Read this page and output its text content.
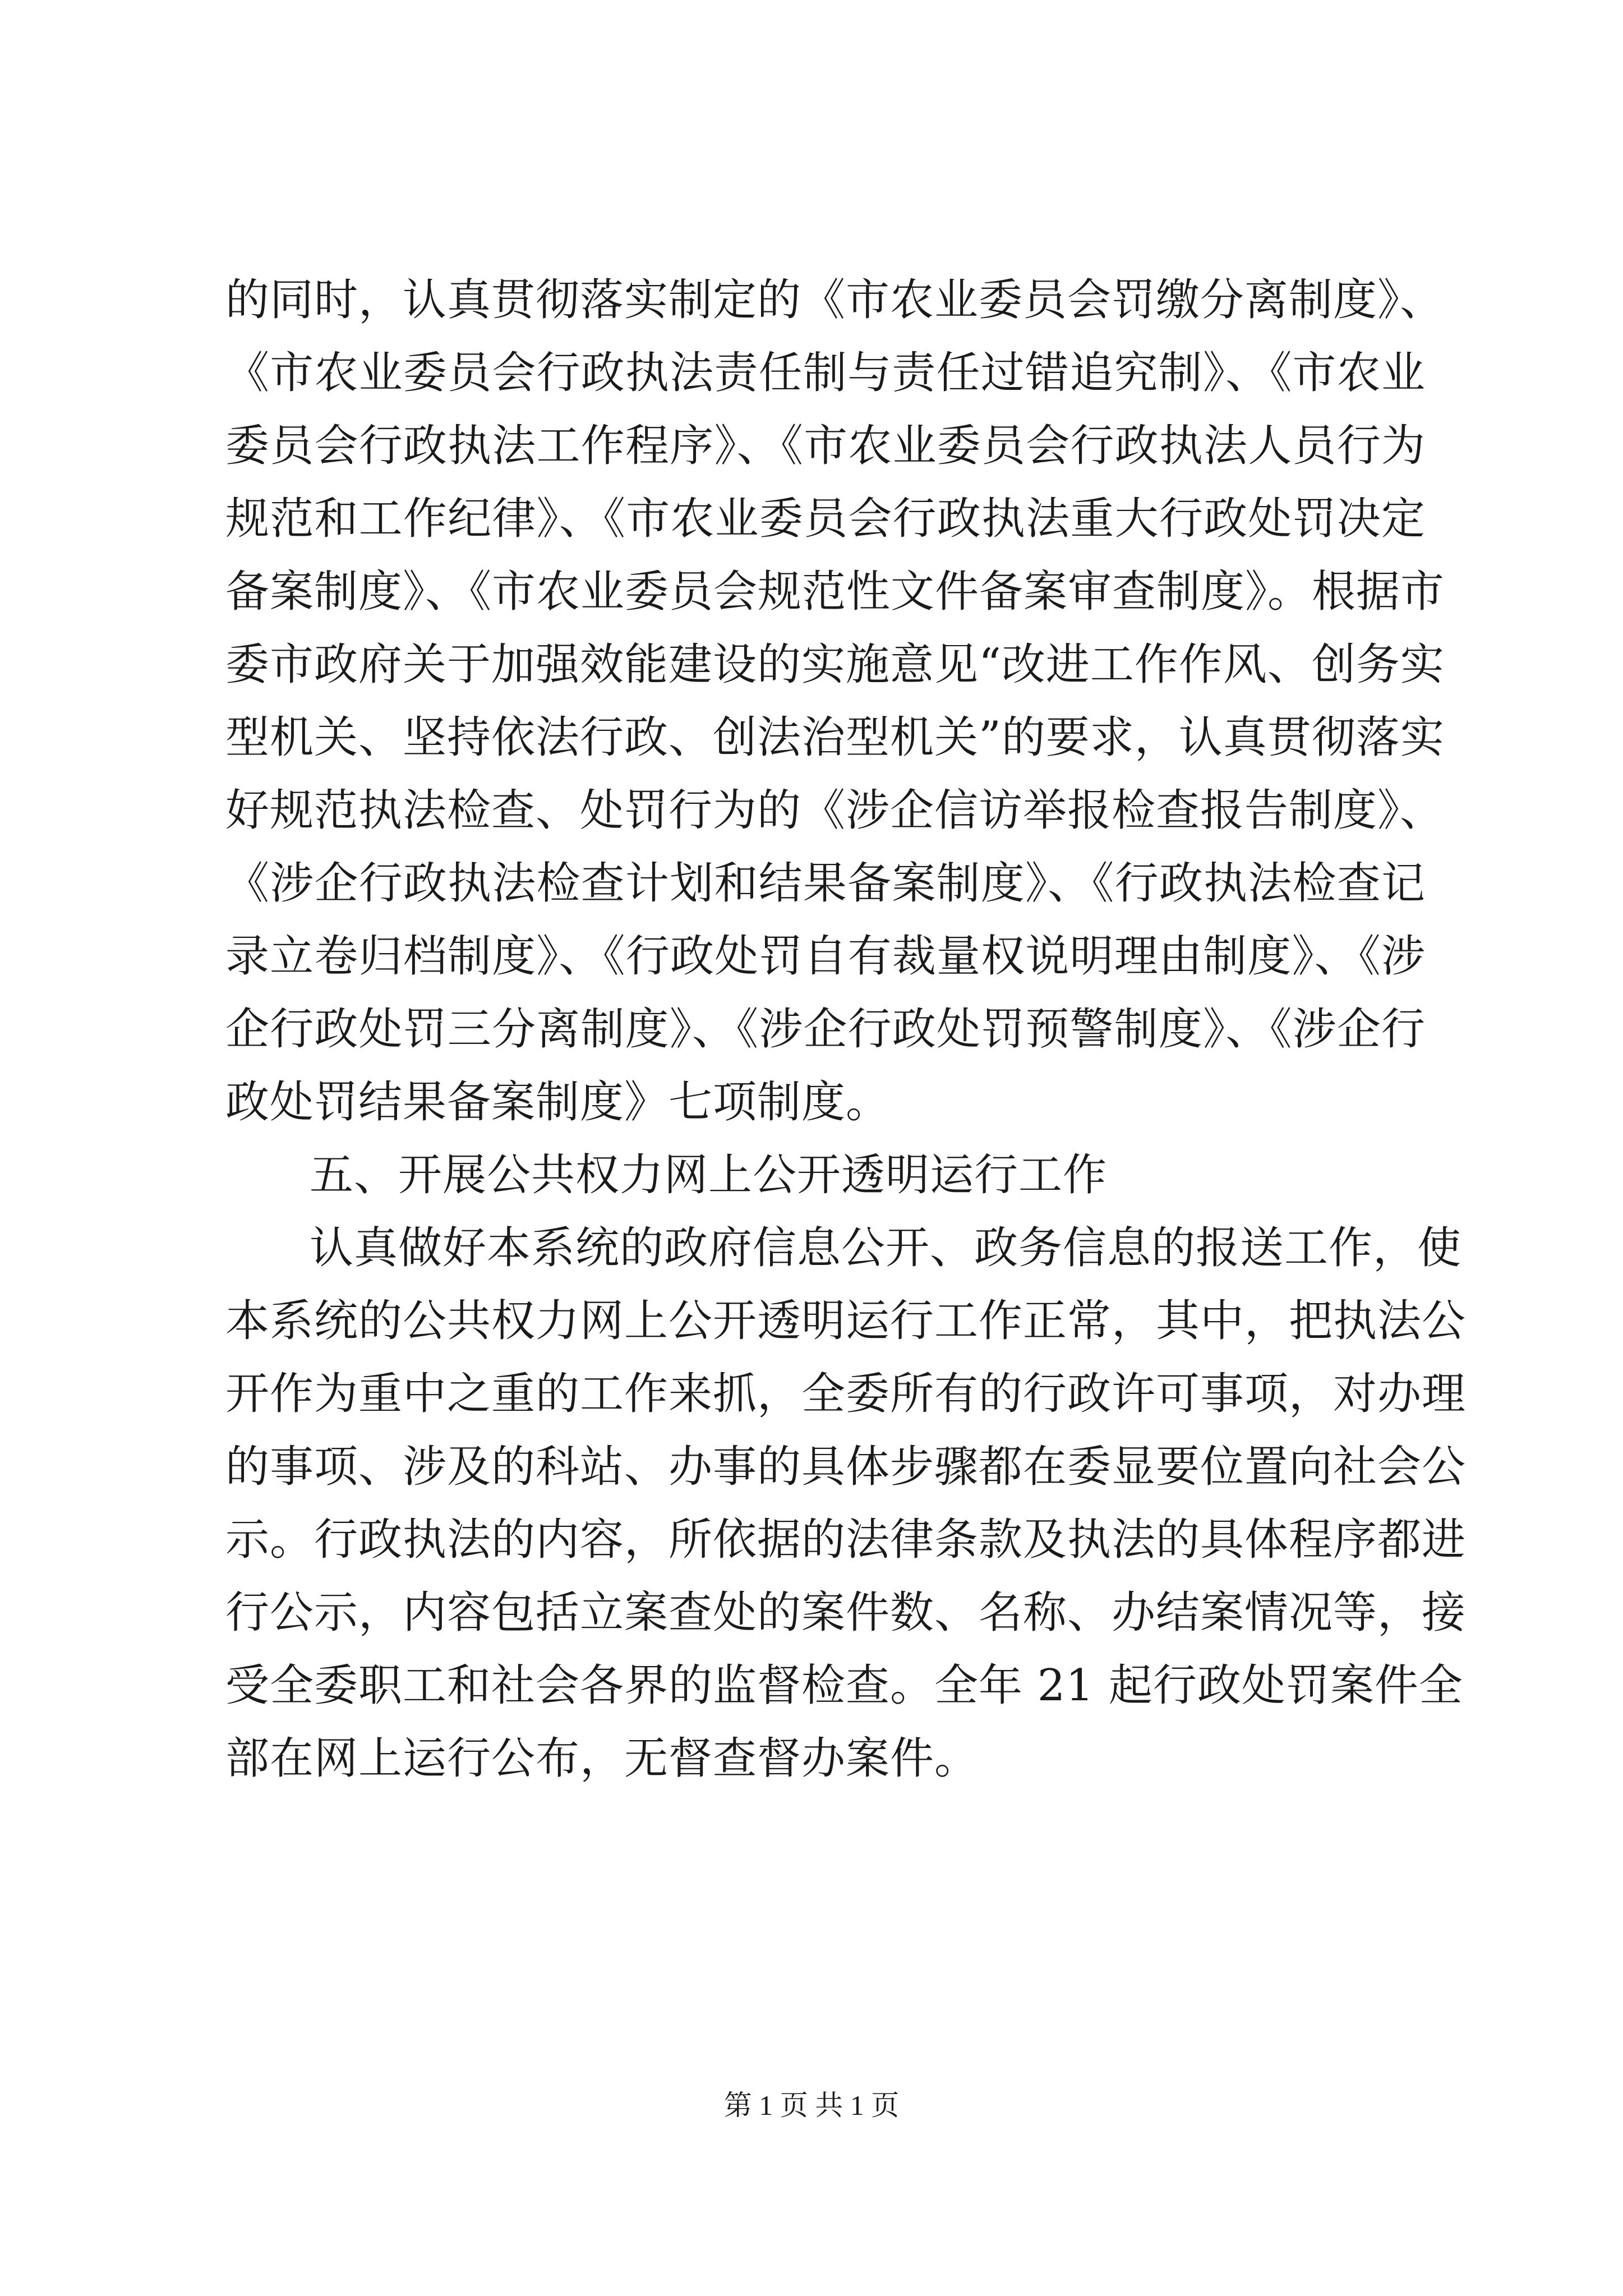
的同时，认真贯彻落实制定的《市农业委员会罚缴分离制度》、
《市农业委员会行政执法责任制与责任过错追究制》、《市农业
委员会行政执法工作程序》、《市农业委员会行政执法人员行为
规范和工作纪律》、《市农业委员会行政执法重大行政处罚决定
备案制度》、《市农业委员会规范性文件备案审查制度》。根据市
委市政府关于加强效能建设的实施意见“改进工作作风、创务实
型机关、坚持依法行政、创法治型机关”的要求，认真贯彻落实
好规范执法检查、处罚行为的《涉企信访举报检查报告制度》、
《涉企行政执法检查计划和结果备案制度》、《行政执法检查记
录立卷归档制度》、《行政处罚自有裁量权说明理由制度》、《涉
企行政处罚三分离制度》、《涉企行政处罚预警制度》、《涉企行
政处罚结果备案制度》七项制度。
五、开展公共权力网上公开透明运行工作
认真做好本系统的政府信息公开、政务信息的报送工作，使
本系统的公共权力网上公开透明运行工作正常，其中，把执法公
开作为重中之重的工作来抓，全委所有的行政许可事项，对办理
的事项、涉及的科站、办事的具体步骤都在委显要位置向社会公
示。行政执法的内容，所依据的法律条款及执法的具体程序都进
行公示，内容包括立案查处的案件数、名称、办结案情况等，接
受全委职工和社会各界的监督检查。全年 21 起行政处罚案件全
部在网上运行公布，无督查督办案件。
第 1 页 共 1 页
